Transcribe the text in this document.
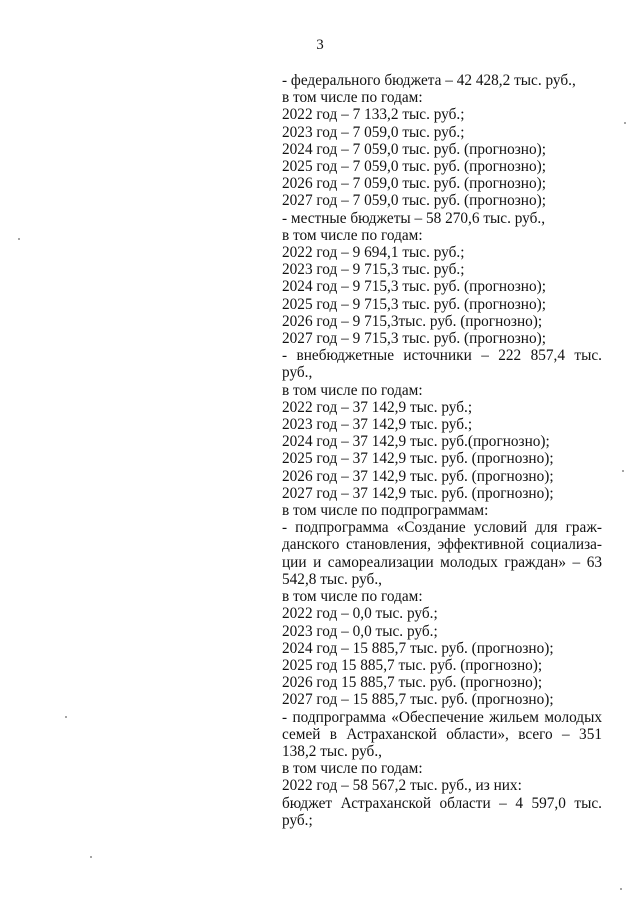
3
- федерального бюджета – 42 428,2 тыс. руб.,
в том числе по годам:
2022 год – 7 133,2 тыс. руб.;
2023 год – 7 059,0 тыс. руб.;
2024 год – 7 059,0 тыс. руб. (прогнозно);
2025 год – 7 059,0 тыс. руб. (прогнозно);
2026 год – 7 059,0 тыс. руб. (прогнозно);
2027 год – 7 059,0 тыс. руб. (прогнозно);
- местные бюджеты – 58 270,6 тыс. руб.,
в том числе по годам:
2022 год – 9 694,1 тыс. руб.;
2023 год – 9 715,3 тыс. руб.;
2024 год – 9 715,3 тыс. руб. (прогнозно);
2025 год – 9 715,3 тыс. руб. (прогнозно);
2026 год – 9 715,3тыс. руб. (прогнозно);
2027 год – 9 715,3 тыс. руб. (прогнозно);
- внебюджетные источники – 222 857,4 тыс. руб.,
в том числе по годам:
2022 год – 37 142,9 тыс. руб.;
2023 год – 37 142,9 тыс. руб.;
2024 год – 37 142,9 тыс. руб.(прогнозно);
2025 год – 37 142,9 тыс. руб. (прогнозно);
2026 год – 37 142,9 тыс. руб. (прогнозно);
2027 год – 37 142,9 тыс. руб. (прогнозно);
в том числе по подпрограммам:
- подпрограмма «Создание условий для граж-данского становления, эффективной социализа-ции и самореализации молодых граждан» – 63 542,8 тыс. руб.,
в том числе по годам:
2022 год – 0,0 тыс. руб.;
2023 год – 0,0 тыс. руб.;
2024 год – 15 885,7 тыс. руб. (прогнозно);
2025 год 15 885,7 тыс. руб. (прогнозно);
2026 год 15 885,7 тыс. руб. (прогнозно);
2027 год – 15 885,7 тыс. руб. (прогнозно);
- подпрограмма «Обеспечение жильем молодых семей в Астраханской области», всего – 351 138,2 тыс. руб.,
в том числе по годам:
2022 год – 58 567,2 тыс. руб., из них:
бюджет Астраханской области – 4 597,0 тыс. руб.;
